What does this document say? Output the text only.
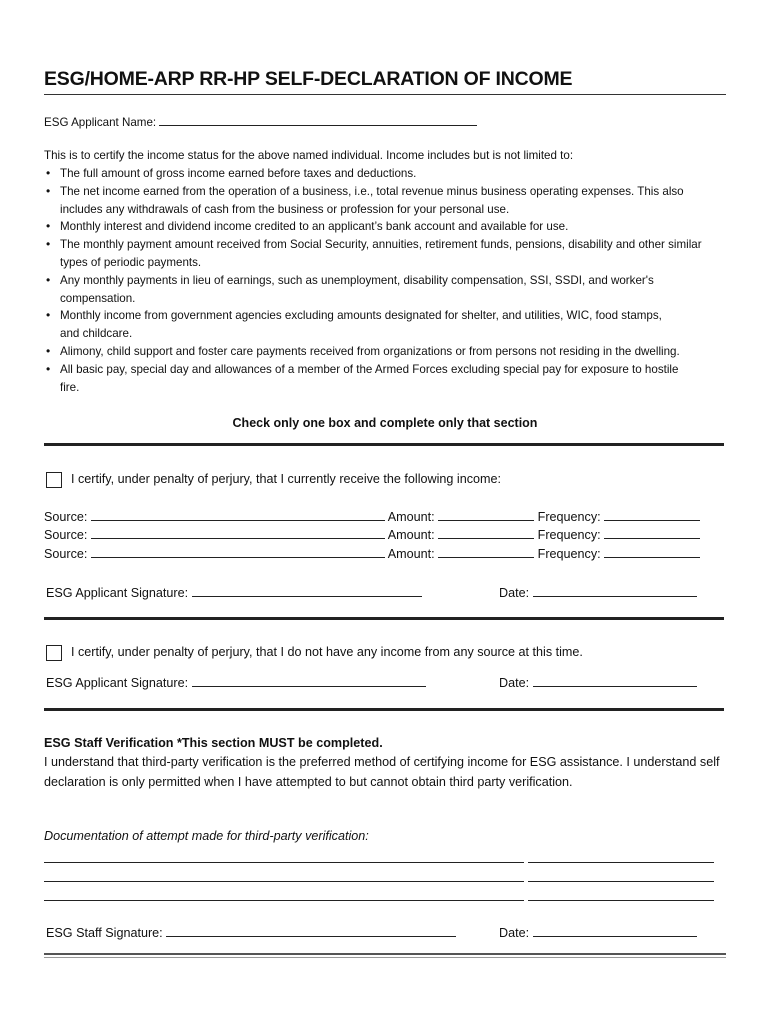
ESG/HOME-ARP RR-HP SELF-DECLARATION OF INCOME
ESG Applicant Name:
This is to certify the income status for the above named individual. Income includes but is not limited to:
• The full amount of gross income earned before taxes and deductions.
• The net income earned from the operation of a business, i.e., total revenue minus business operating expenses. This also includes any withdrawals of cash from the business or profession for your personal use.
• Monthly interest and dividend income credited to an applicant’s bank account and available for use.
• The monthly payment amount received from Social Security, annuities, retirement funds, pensions, disability and other similar types of periodic payments.
• Any monthly payments in lieu of earnings, such as unemployment, disability compensation, SSI, SSDI, and worker's compensation.
• Monthly income from government agencies excluding amounts designated for shelter, and utilities, WIC, food stamps, and childcare.
• Alimony, child support and foster care payments received from organizations or from persons not residing in the dwelling.
• All basic pay, special day and allowances of a member of the Armed Forces excluding special pay for exposure to hostile fire.
Check only one box and complete only that section
I certify, under penalty of perjury, that I currently receive the following income:
Source:	Amount:	Frequency:
Source:	Amount:	Frequency:
Source:	Amount:	Frequency:
ESG Applicant Signature:	Date:
I certify, under penalty of perjury, that I do not have any income from any source at this time.
ESG Applicant Signature:	Date:
ESG Staff Verification *This section MUST be completed.
I understand that third-party verification is the preferred method of certifying income for ESG assistance. I understand self declaration is only permitted when I have attempted to but cannot obtain third party verification.
Documentation of attempt made for third-party verification:
ESG Staff Signature:	Date:
